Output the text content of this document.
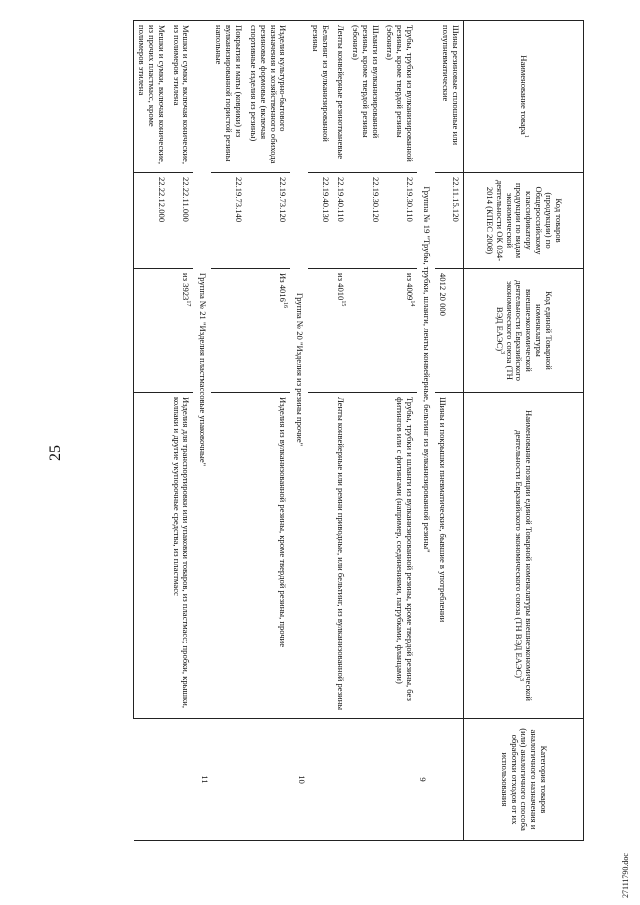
25
27111790.doc
Наименование товара$^1$	Код товаров (продукции) по Общероссийскому классификатору продукции по видам экономической деятельности ОК 034-2014 (КПЕС 2008)	Код единой Товарной номенклатуры внешнеэкономической деятельности Евразийского экономического союза (ТН ВЭД ЕАЭС)$^3$	Наименование позиции единой Товарной номенклатуры внешнеэкономической деятельности Евразийского экономического союза (ТН ВЭД ЕАЭС)$^3$	Категория товаров аналогичного назначения и (или) аналогичного способа обработки отходов от их использования
Шины резиновые сплошные или полупневматические	22.11.15.120	4012 20 000	Шины и покрышки пневматические, бывшие в употреблении	
Группа № 19 "Трубы, трубки, шланги, ленты конвейерные, бельтинг из вулканизированной резины"				9
Трубы, трубки из вулканизированной резины, кроме твердой резины (эбонита)	22.19.30.110	из 4009$^{14}$	Трубы, трубки и шланги из вулканизированной резины, кроме твердой резины, без фитингов или с фитингами (например, соединениями, патрубками, фланцами)	
Шланги из вулканизированной резины, кроме твердой резины (эбонита)	22.19.30.120			
Ленты конвейерные резинотканевые	22.19.40.110	из 4010$^{15}$	Ленты конвейерные или ремни приводные, или бельтинг, из вулканизованной резины	
Бельтинг из вулканизированной резины	22.19.40.130			
Группа № 20 "Изделия из резины прочие"				10
Изделия культурно-бытового назначения и хозяйственного обихода резиновые формовые (включая спортивные изделия из резины)	22.19.73.120	Из 4016$^{16}$	Изделия из вулканизованной резины, кроме твердой резины, прочие	
Покрытия и маты (коврики) из вулканизированной пористой резины напольные	22.19.73.140			
Группа № 21 "Изделия пластмассовые упаковочные"				11
Мешки и сумки, включая конические, из полимеров этилена	22.22.11.000	из 3923$^{17}$	Изделия для транспортировки или упаковки товаров, из пластмасс; пробки, крышки, колпаки и другие укупорочные средства, из пластмасс	
Мешки и сумки, включая конические, из прочих пластмасс, кроме полимеров этилена	22.22.12.000			
